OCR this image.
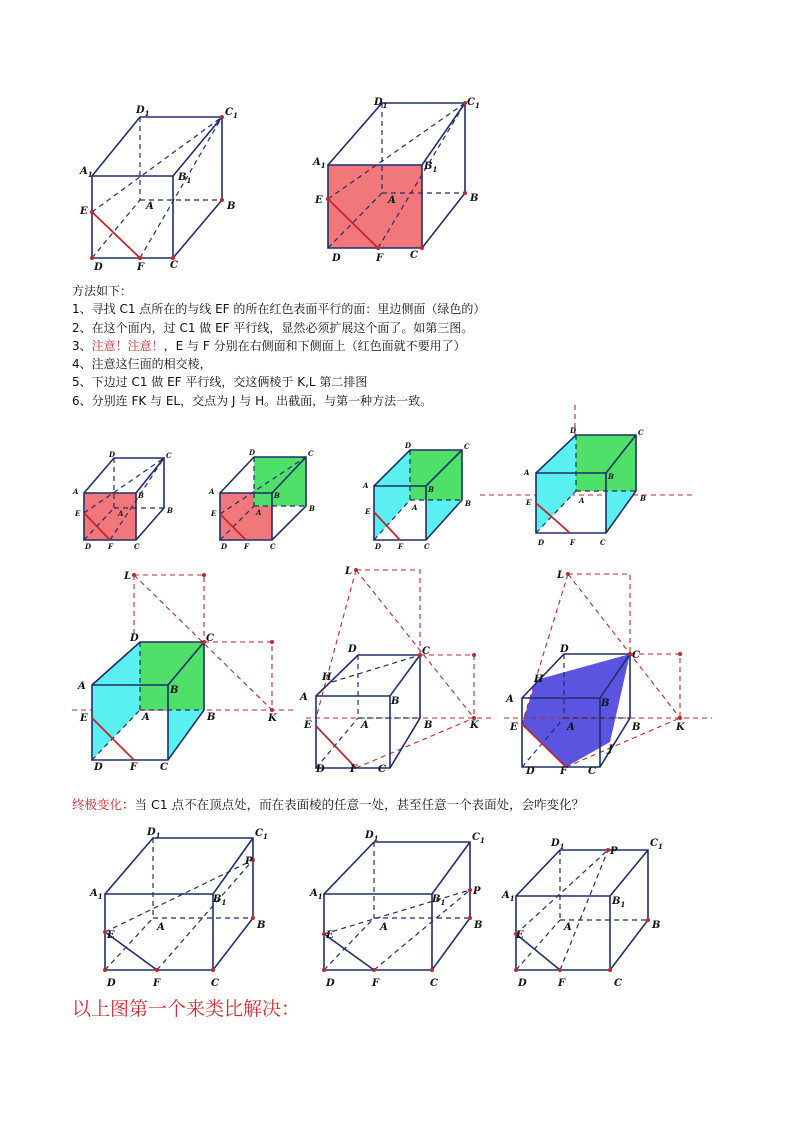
$D_1$	$C_1$
$A_1$	$B_1$
E	A	B
D	F	C
$D_1$	$C_1$
$A_1$	$B_1$
E	A	B
D	F	C
方法如下：
1、寻找 C1 点所在的与线 EF 的所在红色表面平行的面：里边侧面（绿色的）
2、在这个面内，过 C1 做 EF 平行线，显然必须扩展这个面了。如第三图。
3、注意！注意！，E 与 F 分别在右侧面和下侧面上（红色面就不要用了）
4、注意这仨面的相交棱，
5、下边过 C1 做 EF 平行线，交这俩棱于 K,L 第二排图
6、分别连 FK 与 EL，交点为 J 与 H。出截面，与第一种方法一致。
D	C
A	B
E	A	B
D F	C
D	C
A	B
E	A	B
D F	C
D	C
A	B
E	A	B
D F	C
D	C
A	B
E	A	B
D	F	C
L
D	C
A	B
E	A	B	K
D	F C
L
D	C
H
A	B
E	A	B	K
D	F C
L
D
C
H
A	B
E	A	B	K
J
D	F C
终极变化：当 C1 点不在顶点处，而在表面棱的任意一处，甚至任意一个表面处，会咋变化？
$D_1$	$C_1$
P
$A_1$	$B_1$
E
A	B
D	F	C
$D_1$	$C_1$
P
$A_1$	$B_1$
E
A	B
D	F	C
$D_1$	$C_1$
P
$A_1$	$B_1$
E
A	B
D	F	C
以上图第一个来类比解决：
